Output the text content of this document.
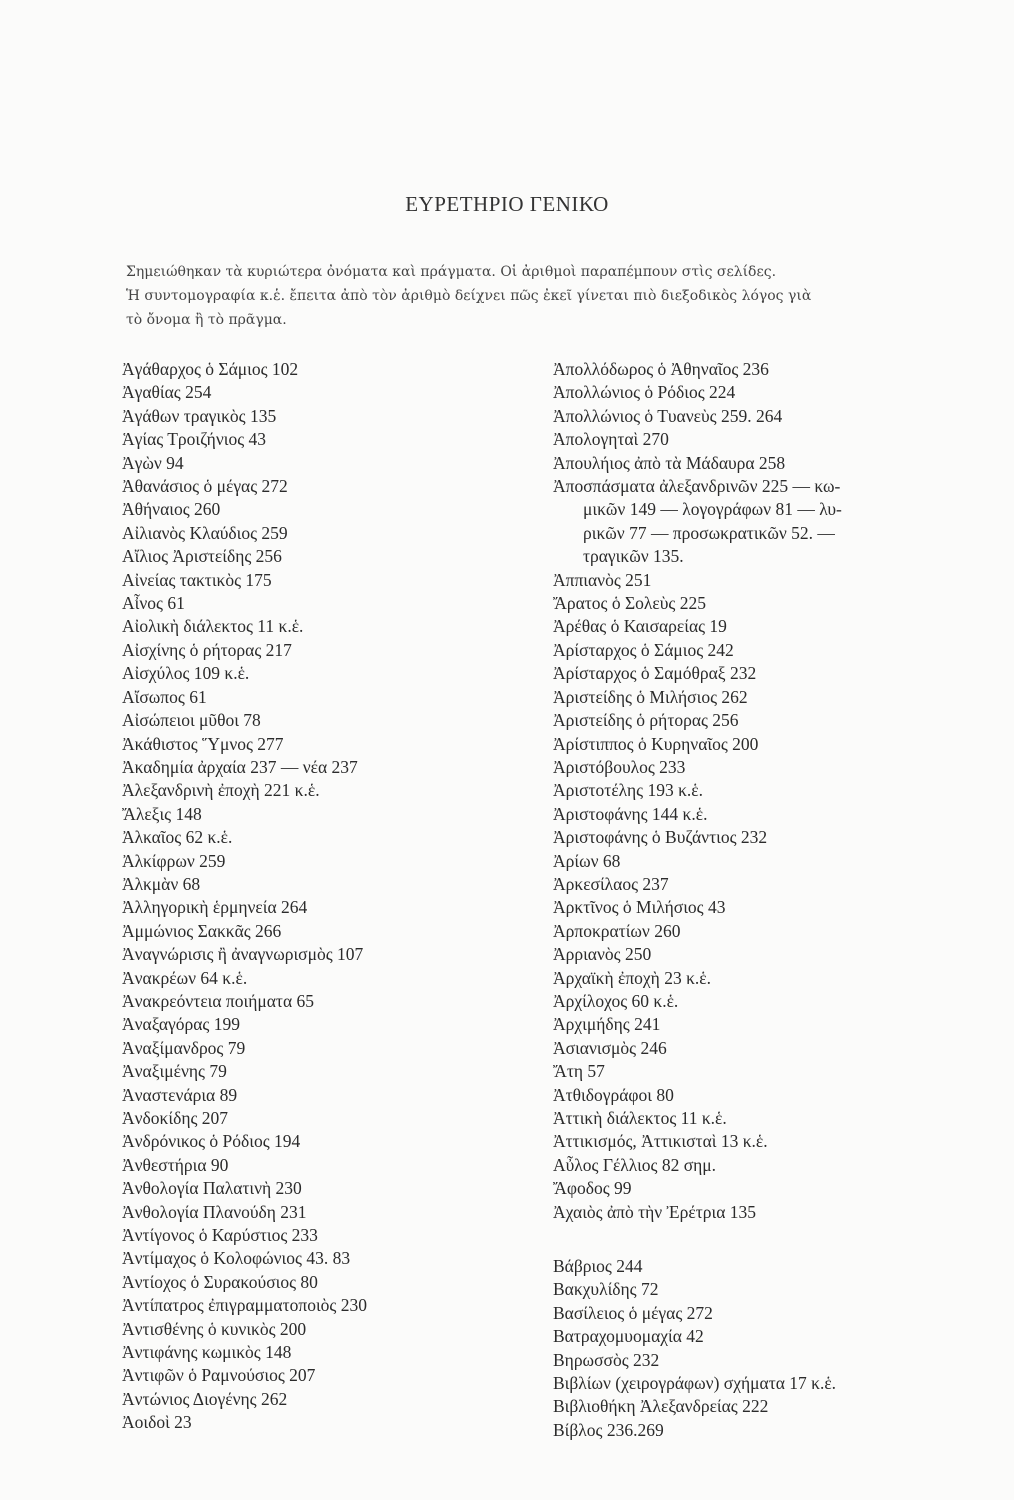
ΕΥΡΕΤΗΡΙΟ ΓΕΝΙΚΟ

Σημειώθηκαν τὰ κυριώτερα ὀνόματα καὶ πράγματα. Οἱ ἀριθμοὶ παραπέμπουν στὶς σελίδες.

Ἡ συντομογραφία κ.ἑ. ἔπειτα ἀπὸ τὸν ἀριθμὸ δείχνει πῶς ἐκεῖ γίνεται πιὸ διεξοδικὸς λόγος γιὰ

τὸ ὄνομα ἢ τὸ πρᾶγμα.

Ἀγάθαρχος ὁ Σάμιος 102
Ἀγαθίας 254
Ἀγάθων τραγικὸς 135
Ἁγίας Τροιζήνιος 43
Ἀγὼν 94
Ἀθανάσιος ὁ μέγας 272
Ἀθήναιος 260
Αἰλιανὸς Κλαύδιος 259
Αἴλιος Ἀριστείδης 256
Αἰνείας τακτικὸς 175
Αἶνος 61
Αἰολικὴ διάλεκτος 11 κ.ἑ.
Αἰσχίνης ὁ ρήτορας 217
Αἰσχύλος 109 κ.ἑ.
Αἴσωπος 61
Αἰσώπειοι μῦθοι 78
Ἀκάθιστος Ὕμνος 277
Ἀκαδημία ἀρχαία 237 — νέα 237
Ἀλεξανδρινὴ ἐποχὴ 221 κ.ἑ.
Ἄλεξις 148
Ἀλκαῖος 62 κ.ἑ.
Ἀλκίφρων 259
Ἀλκμὰν 68
Ἀλληγορικὴ ἑρμηνεία 264
Ἀμμώνιος Σακκᾶς 266
Ἀναγνώρισις ἢ ἀναγνωρισμὸς 107
Ἀνακρέων 64 κ.ἑ.
Ἀνακρεόντεια ποιήματα 65
Ἀναξαγόρας 199
Ἀναξίμανδρος 79
Ἀναξιμένης 79
Ἀναστενάρια 89
Ἀνδοκίδης 207
Ἀνδρόνικος ὁ Ρόδιος 194
Ἀνθεστήρια 90
Ἀνθολογία Παλατινὴ 230
Ἀνθολογία Πλανούδη 231
Ἀντίγονος ὁ Καρύστιος 233
Ἀντίμαχος ὁ Κολοφώνιος 43. 83
Ἀντίοχος ὁ Συρακούσιος 80
Ἀντίπατρος ἐπιγραμματοποιὸς 230
Ἀντισθένης ὁ κυνικὸς 200
Ἀντιφάνης κωμικὸς 148
Ἀντιφῶν ὁ Ραμνούσιος 207
Ἀντώνιος Διογένης 262
Ἀοιδοὶ 23
Ἀπολλόδωρος ὁ Ἀθηναῖος 236
Ἀπολλώνιος ὁ Ρόδιος 224
Ἀπολλώνιος ὁ Τυανεὺς 259. 264
Ἀπολογηταὶ 270
Ἀπουλήιος ἀπὸ τὰ Μάδαυρα 258
Ἀποσπάσματα ἀλεξανδρινῶν 225 — κω-
μικῶν 149 — λογογράφων 81 — λυ-
ρικῶν 77 — προσωκρατικῶν 52. —
τραγικῶν 135.
Ἀππιανὸς 251
Ἄρατος ὁ Σολεὺς 225
Ἀρέθας ὁ Καισαρείας 19
Ἀρίσταρχος ὁ Σάμιος 242
Ἀρίσταρχος ὁ Σαμόθραξ 232
Ἀριστείδης ὁ Μιλήσιος 262
Ἀριστείδης ὁ ρήτορας 256
Ἀρίστιππος ὁ Κυρηναῖος 200
Ἀριστόβουλος 233
Ἀριστοτέλης 193 κ.ἑ.
Ἀριστοφάνης 144 κ.ἑ.
Ἀριστοφάνης ὁ Βυζάντιος 232
Ἀρίων 68
Ἀρκεσίλαος 237
Ἀρκτῖνος ὁ Μιλήσιος 43
Ἀρποκρατίων 260
Ἀρριανὸς 250
Ἀρχαϊκὴ ἐποχὴ 23 κ.ἑ.
Ἀρχίλοχος 60 κ.ἑ.
Ἀρχιμήδης 241
Ἀσιανισμὸς 246
Ἄτη 57
Ἀτθιδογράφοι 80
Ἀττικὴ διάλεκτος 11 κ.ἑ.
Ἀττικισμός, Ἀττικισταὶ 13 κ.ἑ.
Αὖλος Γέλλιος 82 σημ.
Ἄφοδος 99
Ἀχαιὸς ἀπὸ τὴν Ἐρέτρια 135
Βάβριος 244
Βακχυλίδης 72
Βασίλειος ὁ μέγας 272
Βατραχομυομαχία 42
Βηρωσσὸς 232
Βιβλίων (χειρογράφων) σχήματα 17 κ.ἑ.
Βιβλιοθήκη Ἀλεξανδρείας 222
Βίβλος 236.269
